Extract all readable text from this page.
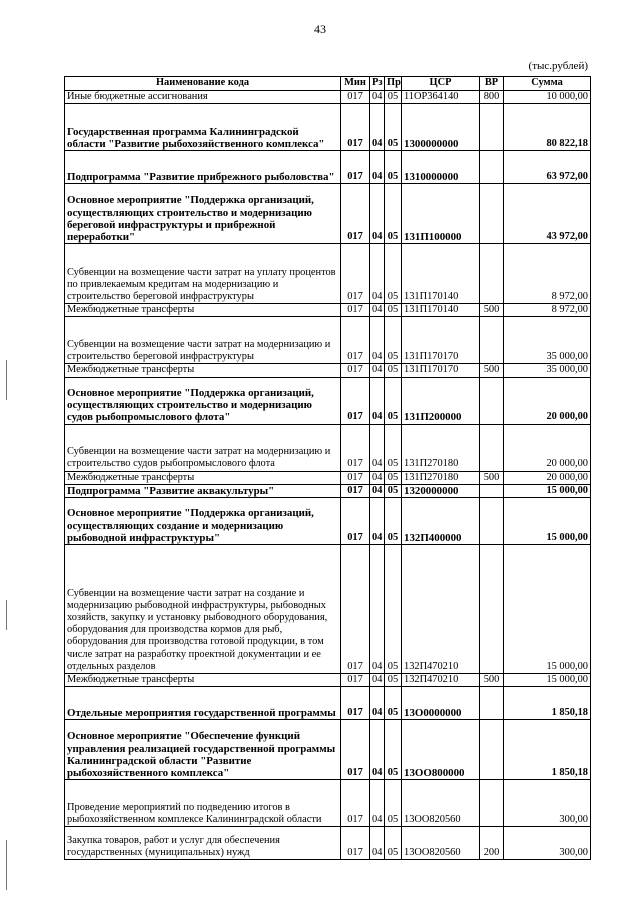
43
(тыс.рублей)
Наименование кода	Мин	Рз	Пр	ЦСР	ВР	Сумма
Иные бюджетные ассигнования	017	04	05	11ОР364140	800	10 000,00
Государственная программа Калининградской области "Развитие рыбохозяйственного комплекса"	017	04	05	1300000000		80 822,18
Подпрограмма "Развитие прибрежного рыболовства"	017	04	05	1310000000		63 972,00
Основное мероприятие "Поддержка организаций, осуществляющих строительство и модернизацию береговой инфраструктуры и прибрежной переработки"	017	04	05	131П100000		43 972,00
Субвенции на возмещение части затрат на уплату процентов по привлекаемым кредитам на модернизацию и строительство береговой инфраструктуры	017	04	05	131П170140		8 972,00
Межбюджетные трансферты	017	04	05	131П170140	500	8 972,00
Субвенции на возмещение части затрат на модернизацию и строительство береговой инфраструктуры	017	04	05	131П170170		35 000,00
Межбюджетные трансферты	017	04	05	131П170170	500	35 000,00
Основное мероприятие "Поддержка организаций, осуществляющих строительство и модернизацию судов рыбопромыслового флота"	017	04	05	131П200000		20 000,00
Субвенции на возмещение части затрат на модернизацию и строительство судов рыбопромыслового флота	017	04	05	131П270180		20 000,00
Межбюджетные трансферты	017	04	05	131П270180	500	20 000,00
Подпрограмма "Развитие аквакультуры"	017	04	05	1320000000		15 000,00
Основное мероприятие "Поддержка организаций, осуществляющих создание и модернизацию рыбоводной инфраструктуры"	017	04	05	132П400000		15 000,00
Субвенции на возмещение части затрат на создание и модернизацию рыбоводной инфраструктуры, рыбоводных хозяйств, закупку и установку рыбоводного оборудования, оборудования для производства кормов для рыб, оборудования для производства готовой продукции, в том числе затрат на разработку проектной документации и ее отдельных разделов	017	04	05	132П470210		15 000,00
Межбюджетные трансферты	017	04	05	132П470210	500	15 000,00
Отдельные мероприятия государственной программы	017	04	05	13О0000000		1 850,18
Основное мероприятие "Обеспечение функций управления реализацией государственной программы Калининградской области "Развитие рыбохозяйственного комплекса"	017	04	05	13ОО800000		1 850,18
Проведение мероприятий по подведению итогов в рыбохозяйственном комплексе Калининградской области	017	04	05	13ОО820560		300,00
Закупка товаров, работ и услуг для обеспечения государственных (муниципальных) нужд	017	04	05	13ОО820560	200	300,00
